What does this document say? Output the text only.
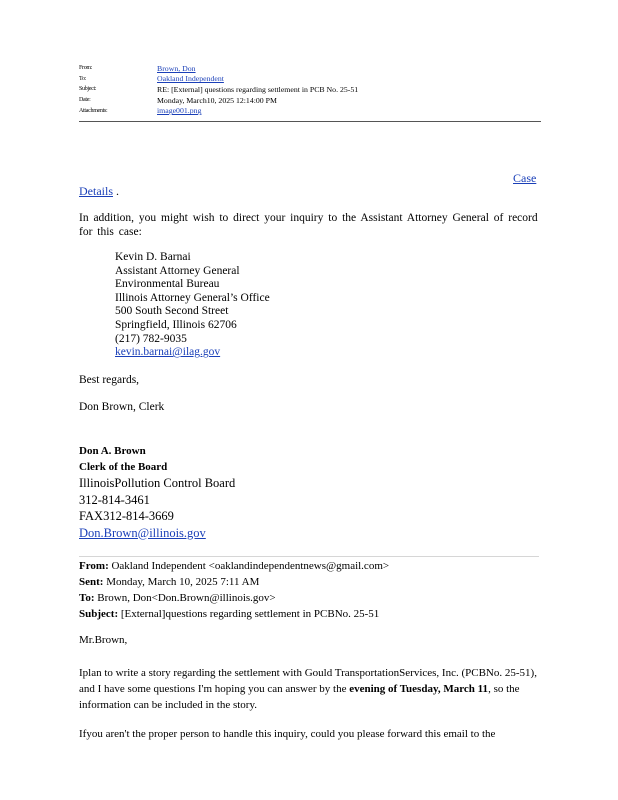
From:	Brown, Don
To:	Oakland Independent
Subject:	RE: [External] questions regarding settlement in PCB No. 25-51
Date:	Monday, March10, 2025 12:14:00 PM
Attachments:	image001.png
Case
Details .
In addition, you might wish to direct your inquiry to the Assistant Attorney General of record for this case:
Kevin D. Barnai
Assistant Attorney General
Environmental Bureau
Illinois Attorney General’s Office
500 South Second Street
Springfield, Illinois 62706
(217) 782-9035
kevin.barnai@ilag.gov
Best regards,
Don Brown, Clerk
Don A. Brown
Clerk of the Board
IllinoisPollution Control Board
312-814-3461
FAX312-814-3669
Don.Brown@illinois.gov
From: Oakland Independent <oaklandindependentnews@gmail.com>
Sent: Monday, March 10, 2025 7:11 AM
To: Brown, Don<Don.Brown@illinois.gov>
Subject: [External]questions regarding settlement in PCBNo. 25-51
Mr.Brown,
Iplan to write a story regarding the settlement with Gould TransportationServices, Inc. (PCBNo. 25-51), and I have some questions I'm hoping you can answer by the evening of Tuesday, March 11, so the information can be included in the story.
Ifyou aren't the proper person to handle this inquiry, could you please forward this email to the
